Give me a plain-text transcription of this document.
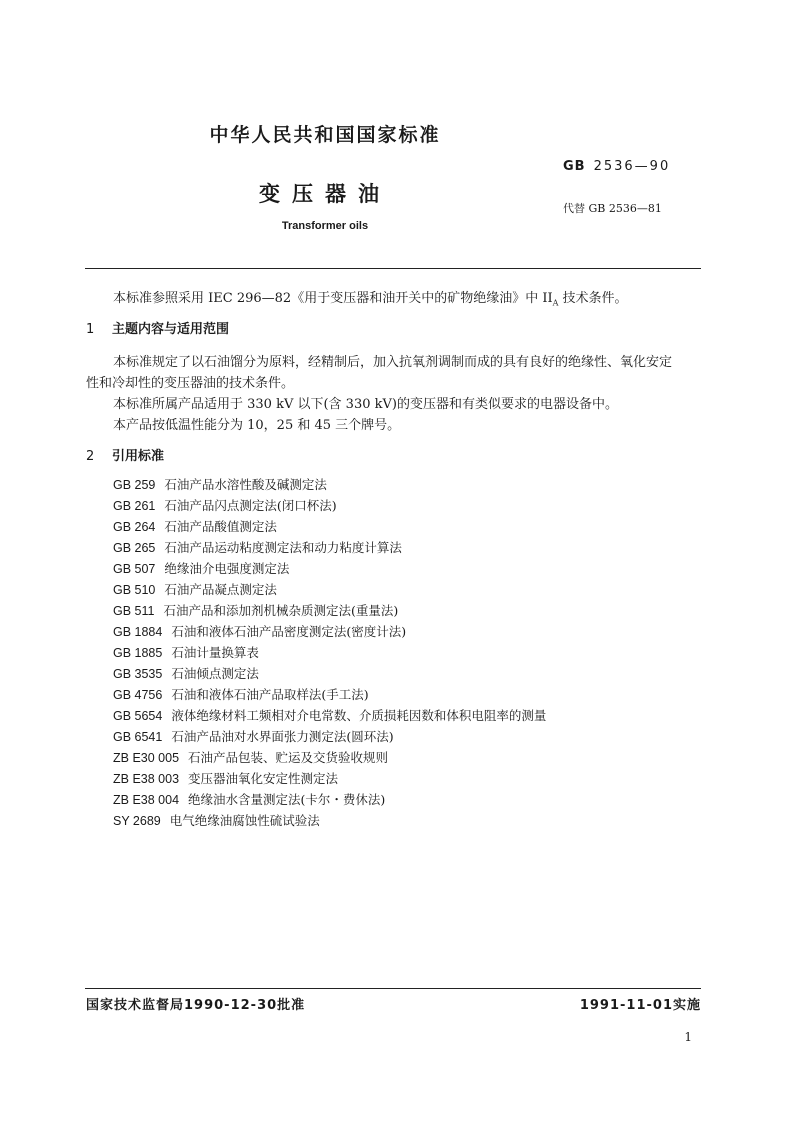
中华人民共和国国家标准
GB 2536—90
变压器油
代替 GB 2536—81
Transformer oils
本标准参照采用 IEC 296—82《用于变压器和油开关中的矿物绝缘油》中 $II_A$ 技术条件。
1 主题内容与适用范围
本标准规定了以石油馏分为原料，经精制后，加入抗氧剂调制而成的具有良好的绝缘性、氧化安定
性和冷却性的变压器油的技术条件。
本标准所属产品适用于 330 kV 以下(含 330 kV)的变压器和有类似要求的电器设备中。
本产品按低温性能分为 10，25 和 45 三个牌号。
2 引用标准
GB 259 石油产品水溶性酸及碱测定法
GB 261 石油产品闪点测定法(闭口杯法)
GB 264 石油产品酸值测定法
GB 265 石油产品运动粘度测定法和动力粘度计算法
GB 507 绝缘油介电强度测定法
GB 510 石油产品凝点测定法
GB 511 石油产品和添加剂机械杂质测定法(重量法)
GB 1884 石油和液体石油产品密度测定法(密度计法)
GB 1885 石油计量换算表
GB 3535 石油倾点测定法
GB 4756 石油和液体石油产品取样法(手工法)
GB 5654 液体绝缘材料工频相对介电常数、介质损耗因数和体积电阻率的测量
GB 6541 石油产品油对水界面张力测定法(圆环法)
ZB E30 005 石油产品包装、贮运及交货验收规则
ZB E38 003 变压器油氧化安定性测定法
ZB E38 004 绝缘油水含量测定法(卡尔・费休法)
SY 2689 电气绝缘油腐蚀性硫试验法
国家技术监督局1990-12-30批准	1991-11-01实施
1
